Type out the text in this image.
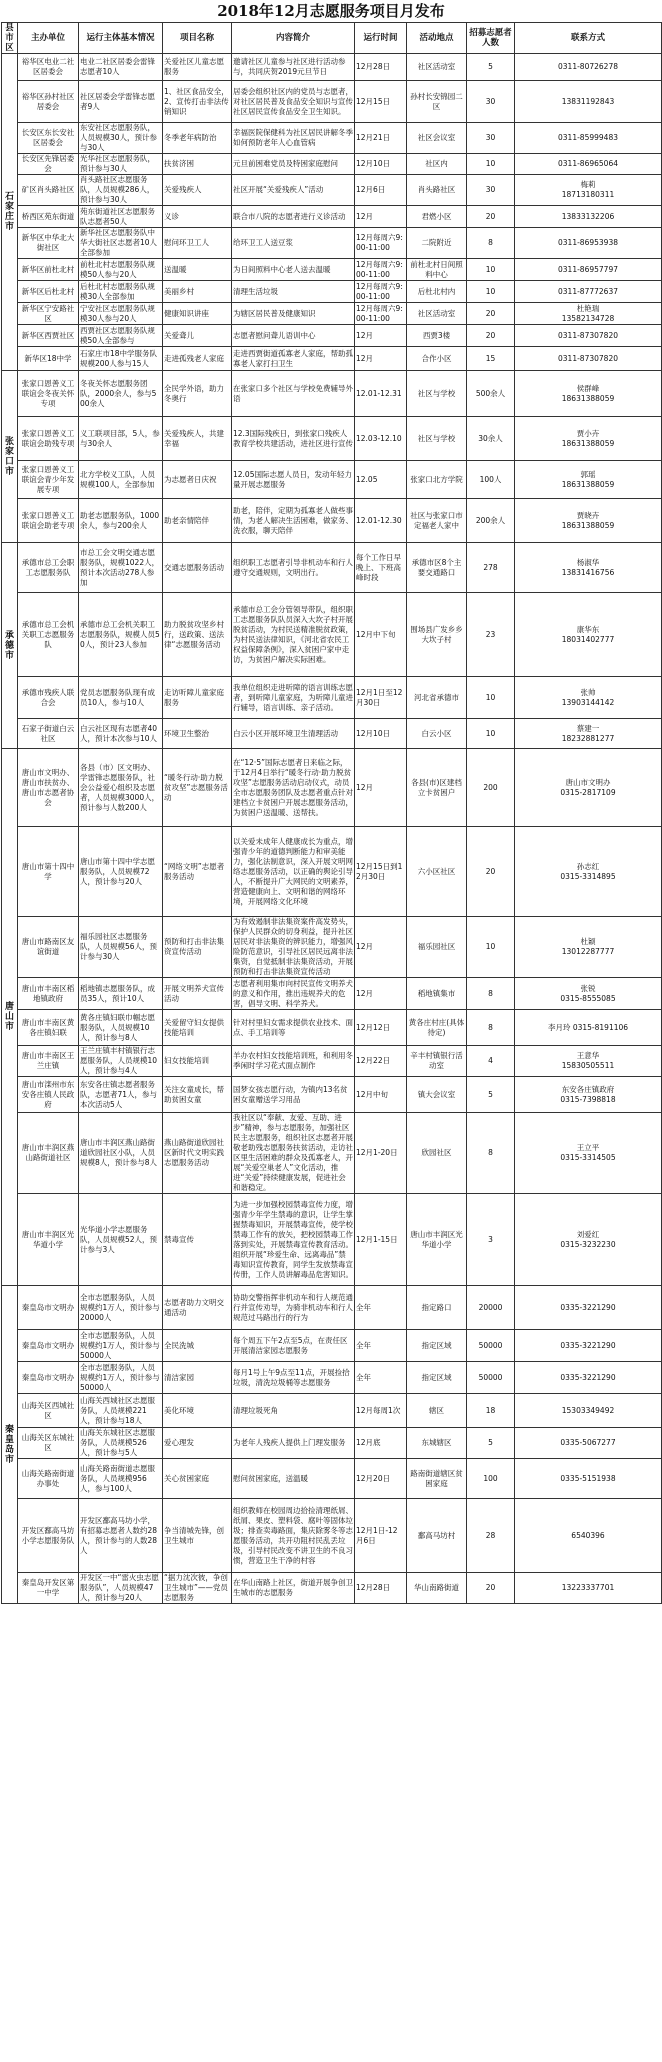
2018年12月志愿服务项目月发布
县市区	主办单位	运行主体基本情况	项目名称	内容简介	运行时间	活动地点	招募志愿者人数	联系方式
石家庄市	裕华区电业二社区居委会	电业二社区居委会雷锋志愿者10人	关爱社区儿童志愿服务	邀请社区儿童参与社区进行活动参与，共同庆贺2019元旦节日	12月28日	社区活动室	5	0311-80726278
	裕华区孙村社区居委会	社区居委会学雷锋志愿者9人	1、社区食品安全，2、宣传打击非法传销知识	居委会组织社区内的党员与志愿者，对社区居民普及食品安全知识与宣传社区居民宣传食品安全卫生知识。	12月15日	孙村长安锦园二区	30	13831192843
	长安区东长安社区居委会	东安社区志愿服务队，人员规模30人，预计参与30人	冬季老年病防治	幸福医院保健科为社区居民讲解冬季如何预防老年人心血管病	12月21日	社区会议室	30	0311-85999483
	长安区先锋居委会	光华社区志愿服务队，预计参与30人	扶贫济困	元旦前困难党员及特困家庭慰问	12月10日	社区内	10	0311-86965064
	矿区肖头路社区	肖头路社区志愿服务队，人员规模286人，预计参与30人	关爱残疾人	社区开展“关爱残疾人”活动	12月6日	肖头路社区	30	梅莉
18713180311
	桥西区苑东街道	苑东街道社区志愿服务队志愿者50人	义诊	联合市八院的志愿者进行义诊活动	12月	君燃小区	20	13833132206
	新华区中华北大街社区	新华社区志愿服务队中华大街社区志愿者10人全部参加	慰问环卫工人	给环卫工人送豆浆	12月每周六9:00-11:00	二院附近	8	0311-86953938
	新华区前杜北村	前杜北村志愿服务队规模50人参与20人	送温暖	为日间照料中心老人送去温暖	12月每周六9:00-11:00	前杜北村日间照料中心	10	0311-86957797
	新华区后杜北村	后杜北村志愿服务队规模30人全部参加	美丽乡村	清理生活垃圾	12月每周六9:00-11:00	后杜北村内	10	0311-87772637
	新华区宁安路社区	宁安社区志愿服务队规模30人参与20人	健康知识讲座	为辖区居民普及健康知识	12月每周六9:00-11:00	社区活动室	20	杜艳瑞
13582134728
	新华区西贾社区	西贾社区志愿服务队规模50人全部参与	关爱聋儿	志愿者慰问聋儿语训中心	12月	西贾3楼	20	0311-87307820
	新华区18中学	石家庄市18中学服务队规模200人参与15人	走进孤残老人家庭	走进西贾街道孤寡老人家庭，帮助孤寡老人家打扫卫生	12月	合作小区	15	0311-87307820
张家口市	张家口恩善义工联谊会冬夜关怀专项	冬夜关怀志愿服务团队，2000余人，参与500余人	全民学外语，助力冬奥行	在张家口多个社区与学校免费辅导外语	12.01-12.31	社区与学校	500余人	侯群峰
18631388059
	张家口恩善义工联谊会助残专项	义工联项目部，5人，参与30余人	关爱残疾人，共建幸福	12.3国际残疾日，到张家口残疾人教育学校共建活动，进社区进行宣传	12.03-12.10	社区与学校	30余人	贾小卉
18631388059
	张家口恩善义工联谊会青少年发展专项	北方学校义工队，人员规模100人，全部参加	为志愿者日庆祝	12.05国际志愿人员日，发动年轻力量开展志愿服务	12.05	张家口北方学院	100人	郭瑶
18631388059
	张家口恩善义工联谊会助老专项	助老志愿服务队，1000余人，参与200余人	助老亲情陪伴	助老，陪伴，定期为孤寡老人做些事情，为老人解决生活困难，做家务、洗衣服，聊天陪伴	12.01-12.30	社区与张家口市定福老人家中	200余人	贾晓卉
18631388059
承德市	承德市总工会职工志愿服务队	市总工会文明交通志愿服务队，规模1022人，预计本次活动278人参加	交通志愿服务活动	组织职工志愿者引导非机动车和行人遵守交通规则，文明出行。	每个工作日早晚上、下班高峰时段	承德市区8个主要交通路口	278	杨淑华
13831416756
	承德市总工会机关职工志愿服务队	承德市总工会机关职工志愿服务队，规模人员50人，预计23人参加	助力脱贫攻坚乡村行，送政策、送法律“志愿服务活动	承德市总工会分管领导带队，组织职工志愿服务队队员深入大坎子村开展脱贫活动，为村民送精准脱贫政策，为村民送法律知识，《河北省农民工权益保障条例》，深入贫困户家中走访，为贫困户解决实际困难。	12月中下旬	围场县广发乡乡大坎子村	23	康华东
18031402777
	承德市残疾人联合会	党员志愿服务队现有成员10人，参与10人	走访听障儿童家庭服务	我单位组织走进听障的语言训练志愿者，到听障儿童家庭，为听障儿童进行辅导，语言训练、亲子活动。	12月1日至12月30日	河北省承德市	10	张帅
13903144142
	石家子街道白云社区	白云社区现有志愿者40人，预计本次参与10人	环境卫生整治	白云小区开展环境卫生清理活动	12月10日	白云小区	10	蔡建一
18232881277
唐山市	唐山市文明办、唐山市扶贫办、唐山市志愿者协会	各县（市）区文明办、学雷锋志愿服务队，社会公益爱心组织及志愿者，人员规模3000人，预计参与人数200人	“暖冬行动·助力脱贫攻坚”志愿服务活动	在“12·5”国际志愿者日来临之际，于12月4日举行“暖冬行动·助力脱贫攻坚”志愿服务活动启动仪式，动员全市志愿服务团队及志愿者重点针对建档立卡贫困户开展志愿服务活动，为贫困户送温暖、送帮扶。	12月	各县(市)区建档立卡贫困户	200	唐山市文明办
0315-2817109
	唐山市第十四中学	唐山市第十四中学志愿服务队，人员规模72人，预计参与20人	“网络文明”志愿者服务活动	以关爱未成年人健康成长为重点，增强青少年的道德判断能力和审美能力，强化法制意识，深入开展文明网络志愿服务活动，以正确的舆论引导人，不断提升广大网民的文明素养，营造健康向上、文明和谐的网络环境，开展网络文化环境	12月15日到12月30日	六小区社区	20	孙志红
0315-3314895
	唐山市路南区友谊街道	福乐园社区志愿服务队，人员规模56人，预计参与30人	预防和打击非法集资宣传活动	为有效遏制非法集资案件高发势头，保护人民群众的切身利益，提升社区居民对非法集资的辨识能力，增强风险防范意识，引导社区居民远离非法集资，自觉抵制非法集资活动，开展预防和打击非法集资宣传活动	12月	福乐园社区	10	杜颖
13012287777
	唐山市丰南区稻地镇政府	稻地镇志愿服务队，成员35人，预计10人	开展文明养犬宣传活动	志愿者利用集市向村民宣传文明养犬的意义和作用，推出违规养犬的危害，倡导文明、科学养犬。	12月	稻地镇集市	8	张锐
0315-8555085
	唐山市丰南区黄各庄镇妇联	黄各庄镇妇联巾帼志愿服务队，人员规模10人，预计参与8人	关爱留守妇女提供技能培训	针对村里妇女需求提供农业技术、面点、手工培训等	12月12日	黄各庄村庄(具体待定)	8	李月玲 0315-8191106
	唐山市丰南区王兰庄镇	王兰庄镇丰村镇银行志愿服务队，人员规模10人，预计参与4人	妇女技能培训	羊办农村妇女技能培训班，和利用冬季闲时学习花式面点制作	12月22日	辛丰村镇银行活动室	4	王意华
15830505511
	唐山市滦州市东安各庄镇人民政府	东安各庄镇志愿者服务队，志愿者71人，参与本次活动5人	关注女童成长，帮助贫困女童	国梦女孩志愿行动，为镇内13名贫困女童赠送学习用品	12月中旬	镇大会议室	5	东安各庄镇政府
0315-7398818
	唐山市丰润区燕山路街道社区	唐山市丰润区燕山路街道欣园社区小队，人员规模8人，预计参与8人	燕山路街道欣园社区新时代文明实践志愿服务活动	我社区以“奉献、友爱、互助、进步”精神，参与志愿服务，加强社区民主志愿服务，组织社区志愿者开展敬老助残志愿服务扶贫活动，走访社区里生活困难的群众及孤寡老人，开展“关爱空巢老人”文化活动，推进“关爱”持续健康发展，促进社会和谐稳定。	12月1-20日	欣园社区	8	王立平
0315-3314505
	唐山市丰润区光华道小学	光华道小学志愿服务队，人员规模52人，预计参与3人	禁毒宣传	为进一步加强校园禁毒宣传力度，增强青少年学生禁毒的意识，让学生掌握禁毒知识，开展禁毒宣传，使学校禁毒工作有的放矢，把校园禁毒工作落到实处，开展禁毒宣传教育活动。组织开展“珍爱生命、远离毒品”禁毒知识宣传教育，同学生发放禁毒宣传册，工作人员讲解毒品危害知识。	12月1-15日	唐山市丰润区光华道小学	3	刘爱红
0315-3232230
秦皇岛市	秦皇岛市文明办	全市志愿服务队，人员规模约1万人，预计参与20000人	志愿者助力文明交通活动	协助交警指挥非机动车和行人规范通行并宣传劝导，为骑非机动车和行人规范过马路出行的行为	全年	指定路口	20000	0335-3221290
	秦皇岛市文明办	全市志愿服务队，人员规模约1万人，预计参与50000人	全民洗城	每个周五下午2点至5点，在责任区开展清洁家园志愿服务	全年	指定区域	50000	0335-3221290
	秦皇岛市文明办	全市志愿服务队，人员规模约1万人，预计参与50000人	清洁家园	每月1号上午9点至11点，开展捡拾垃圾，清洗垃圾桶等志愿服务	全年	指定区域	50000	0335-3221290
	山海关区西城社区	山海关西城社区志愿服务队，人员规模221人，预计参与18人	美化环境	清理垃圾死角	12月每周1次	辖区	18	15303349492
	山海关区东城社区	山海关东城社区志愿服务队，人员规模526人，预计参与5人	爱心理发	为老年人残疾人提供上门理发服务	12月底	东城辖区	5	0335-5067277
	山海关路南街道办事处	山海关路南街道志愿服务队，人员规模956人，参与100人	关心贫困家庭	慰问贫困家庭，送温暖	12月20日	路南街道辖区贫困家庭	100	0335-5151938
	开发区鄱高马坊小学志愿服务队	开发区鄱高马坊小学，有招募志愿者人数约28人，预计参与的人数28人	争当清城先锋，创卫生城市	组织教师在校园周边拾捡清理纸屑、纸屑、果皮、塑料袋、腐叶等固体垃圾；排查卖毒路面，集庆除雾冬等志愿服务活动，共开功阻村民乱丢垃圾，引导村民改变不讲卫生的不良习惯，营造卫生干净的村容	12月1日-12月6日	鄱高马坊村	28	6540396
	秦皇岛开发区第一中学	开发区一中“雷火虫志愿服务队”，人员规模47人，预计参与20人	“据力沈次彼，争创卫生城市”——党员志愿服务	在华山南路上社区，街道开展争创卫生城市的志愿服务	12月28日	华山南路街道	20	13223337701
